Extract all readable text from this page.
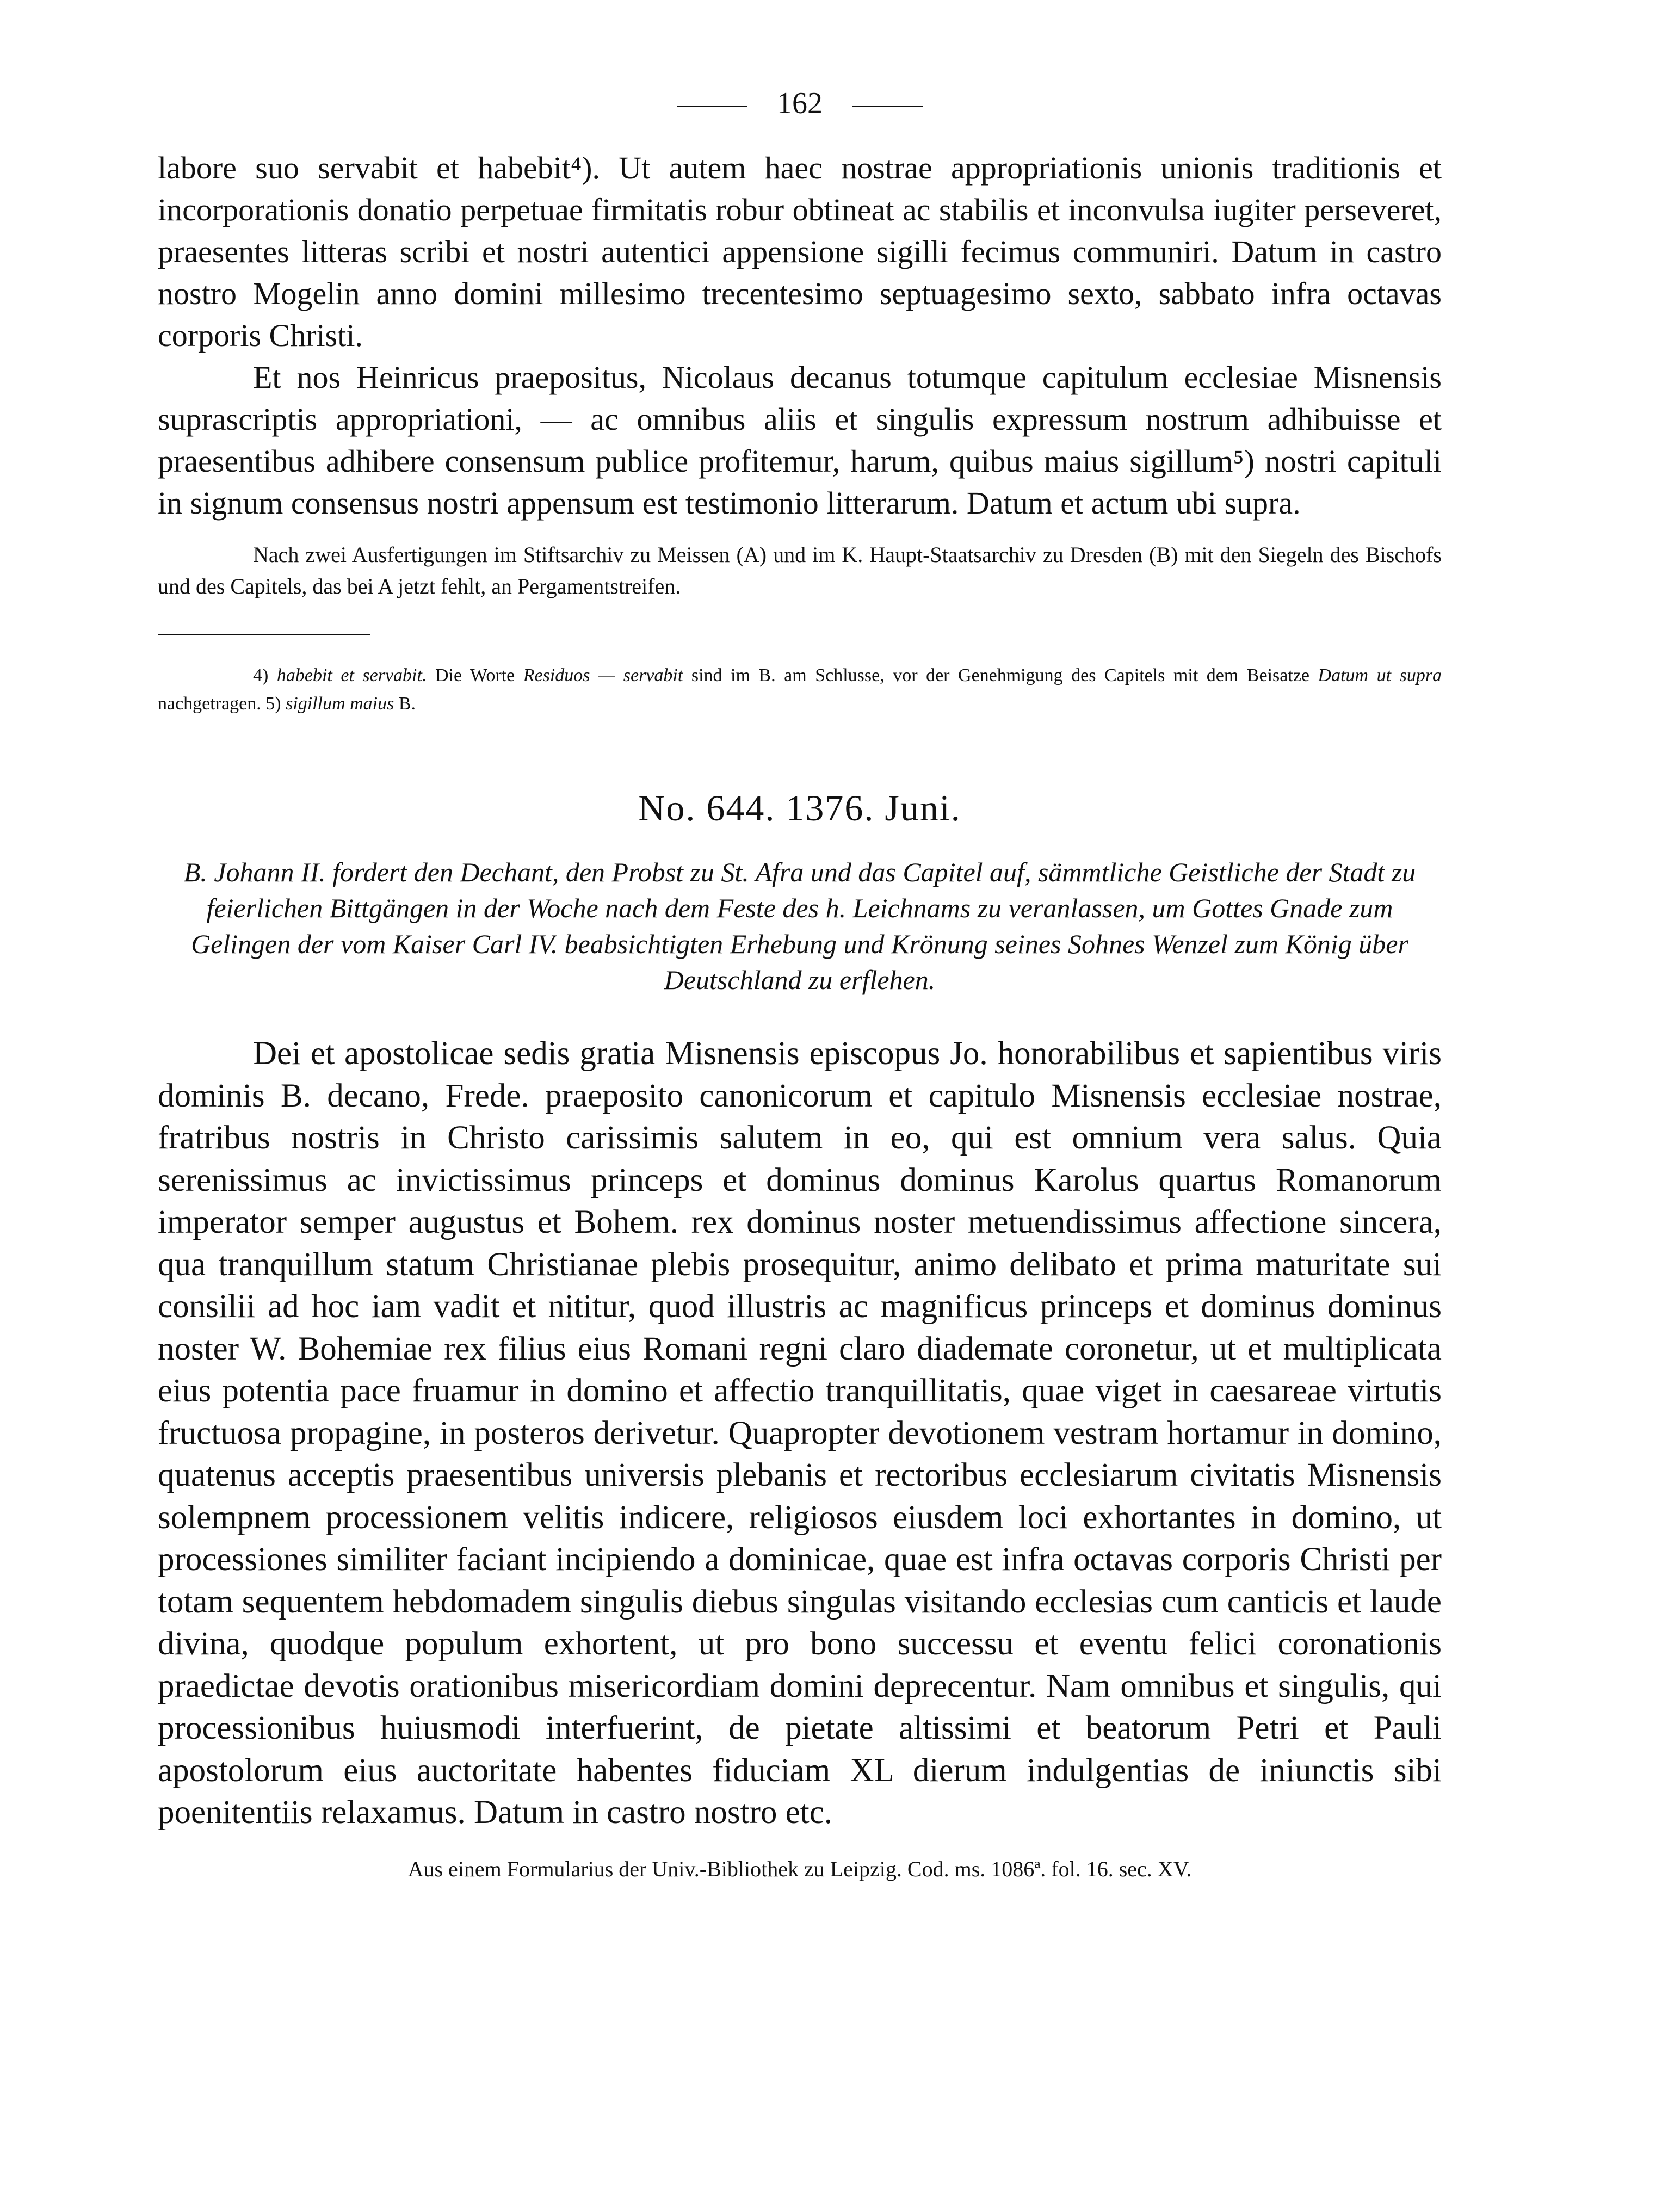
162

labore suo servabit et habebit⁴). Ut autem haec nostrae appropriationis unionis traditionis et incorporationis donatio perpetuae firmitatis robur obtineat ac stabilis et inconvulsa iugiter perseveret, praesentes litteras scribi et nostri autentici appensione sigilli fecimus communiri. Datum in castro nostro Mogelin anno domini millesimo trecentesimo septuagesimo sexto, sabbato infra octavas corporis Christi.

Et nos Heinricus praepositus, Nicolaus decanus totumque capitulum ecclesiae Misnensis suprascriptis appropriationi, — ac omnibus aliis et singulis expressum nostrum adhibuisse et praesentibus adhibere consensum publice profitemur, harum, quibus maius sigillum⁵) nostri capituli in signum consensus nostri appensum est testimonio litterarum. Datum et actum ubi supra.

Nach zwei Ausfertigungen im Stiftsarchiv zu Meissen (A) und im K. Haupt-Staatsarchiv zu Dresden (B) mit den Siegeln des Bischofs und des Capitels, das bei A jetzt fehlt, an Pergamentstreifen.

4) habebit et servabit. Die Worte Residuos — servabit sind im B. am Schlusse, vor der Genehmigung des Capitels mit dem Beisatze Datum ut supra nachgetragen. 5) sigillum maius B.

No. 644. 1376. Juni.

B. Johann II. fordert den Dechant, den Probst zu St. Afra und das Capitel auf, sämmtliche Geistliche der Stadt zu feierlichen Bittgängen in der Woche nach dem Feste des h. Leichnams zu veranlassen, um Gottes Gnade zum Gelingen der vom Kaiser Carl IV. beabsichtigten Erhebung und Krönung seines Sohnes Wenzel zum König über Deutschland zu erflehen.

Dei et apostolicae sedis gratia Misnensis episcopus Jo. honorabilibus et sapientibus viris dominis B. decano, Frede. praeposito canonicorum et capitulo Misnensis ecclesiae nostrae, fratribus nostris in Christo carissimis salutem in eo, qui est omnium vera salus. Quia serenissimus ac invictissimus princeps et dominus dominus Karolus quartus Romanorum imperator semper augustus et Bohem. rex dominus noster metuendissimus affectione sincera, qua tranquillum statum Christianae plebis prosequitur, animo delibato et prima maturitate sui consilii ad hoc iam vadit et nititur, quod illustris ac magnificus princeps et dominus dominus noster W. Bohemiae rex filius eius Romani regni claro diademate coronetur, ut et multiplicata eius potentia pace fruamur in domino et affectio tranquillitatis, quae viget in caesareae virtutis fructuosa propagine, in posteros derivetur. Quapropter devotionem vestram hortamur in domino, quatenus acceptis praesentibus universis plebanis et rectoribus ecclesiarum civitatis Misnensis solempnem processionem velitis indicere, religiosos eiusdem loci exhortantes in domino, ut processiones similiter faciant incipiendo a dominicae, quae est infra octavas corporis Christi per totam sequentem hebdomadem singulis diebus singulas visitando ecclesias cum canticis et laude divina, quodque populum exhortent, ut pro bono successu et eventu felici coronationis praedictae devotis orationibus misericordiam domini deprecentur. Nam omnibus et singulis, qui processionibus huiusmodi interfuerint, de pietate altissimi et beatorum Petri et Pauli apostolorum eius auctoritate habentes fiduciam XL dierum indulgentias de iniunctis sibi poenitentiis relaxamus. Datum in castro nostro etc.

Aus einem Formularius der Univ.-Bibliothek zu Leipzig. Cod. ms. 1086ª. fol. 16. sec. XV.
